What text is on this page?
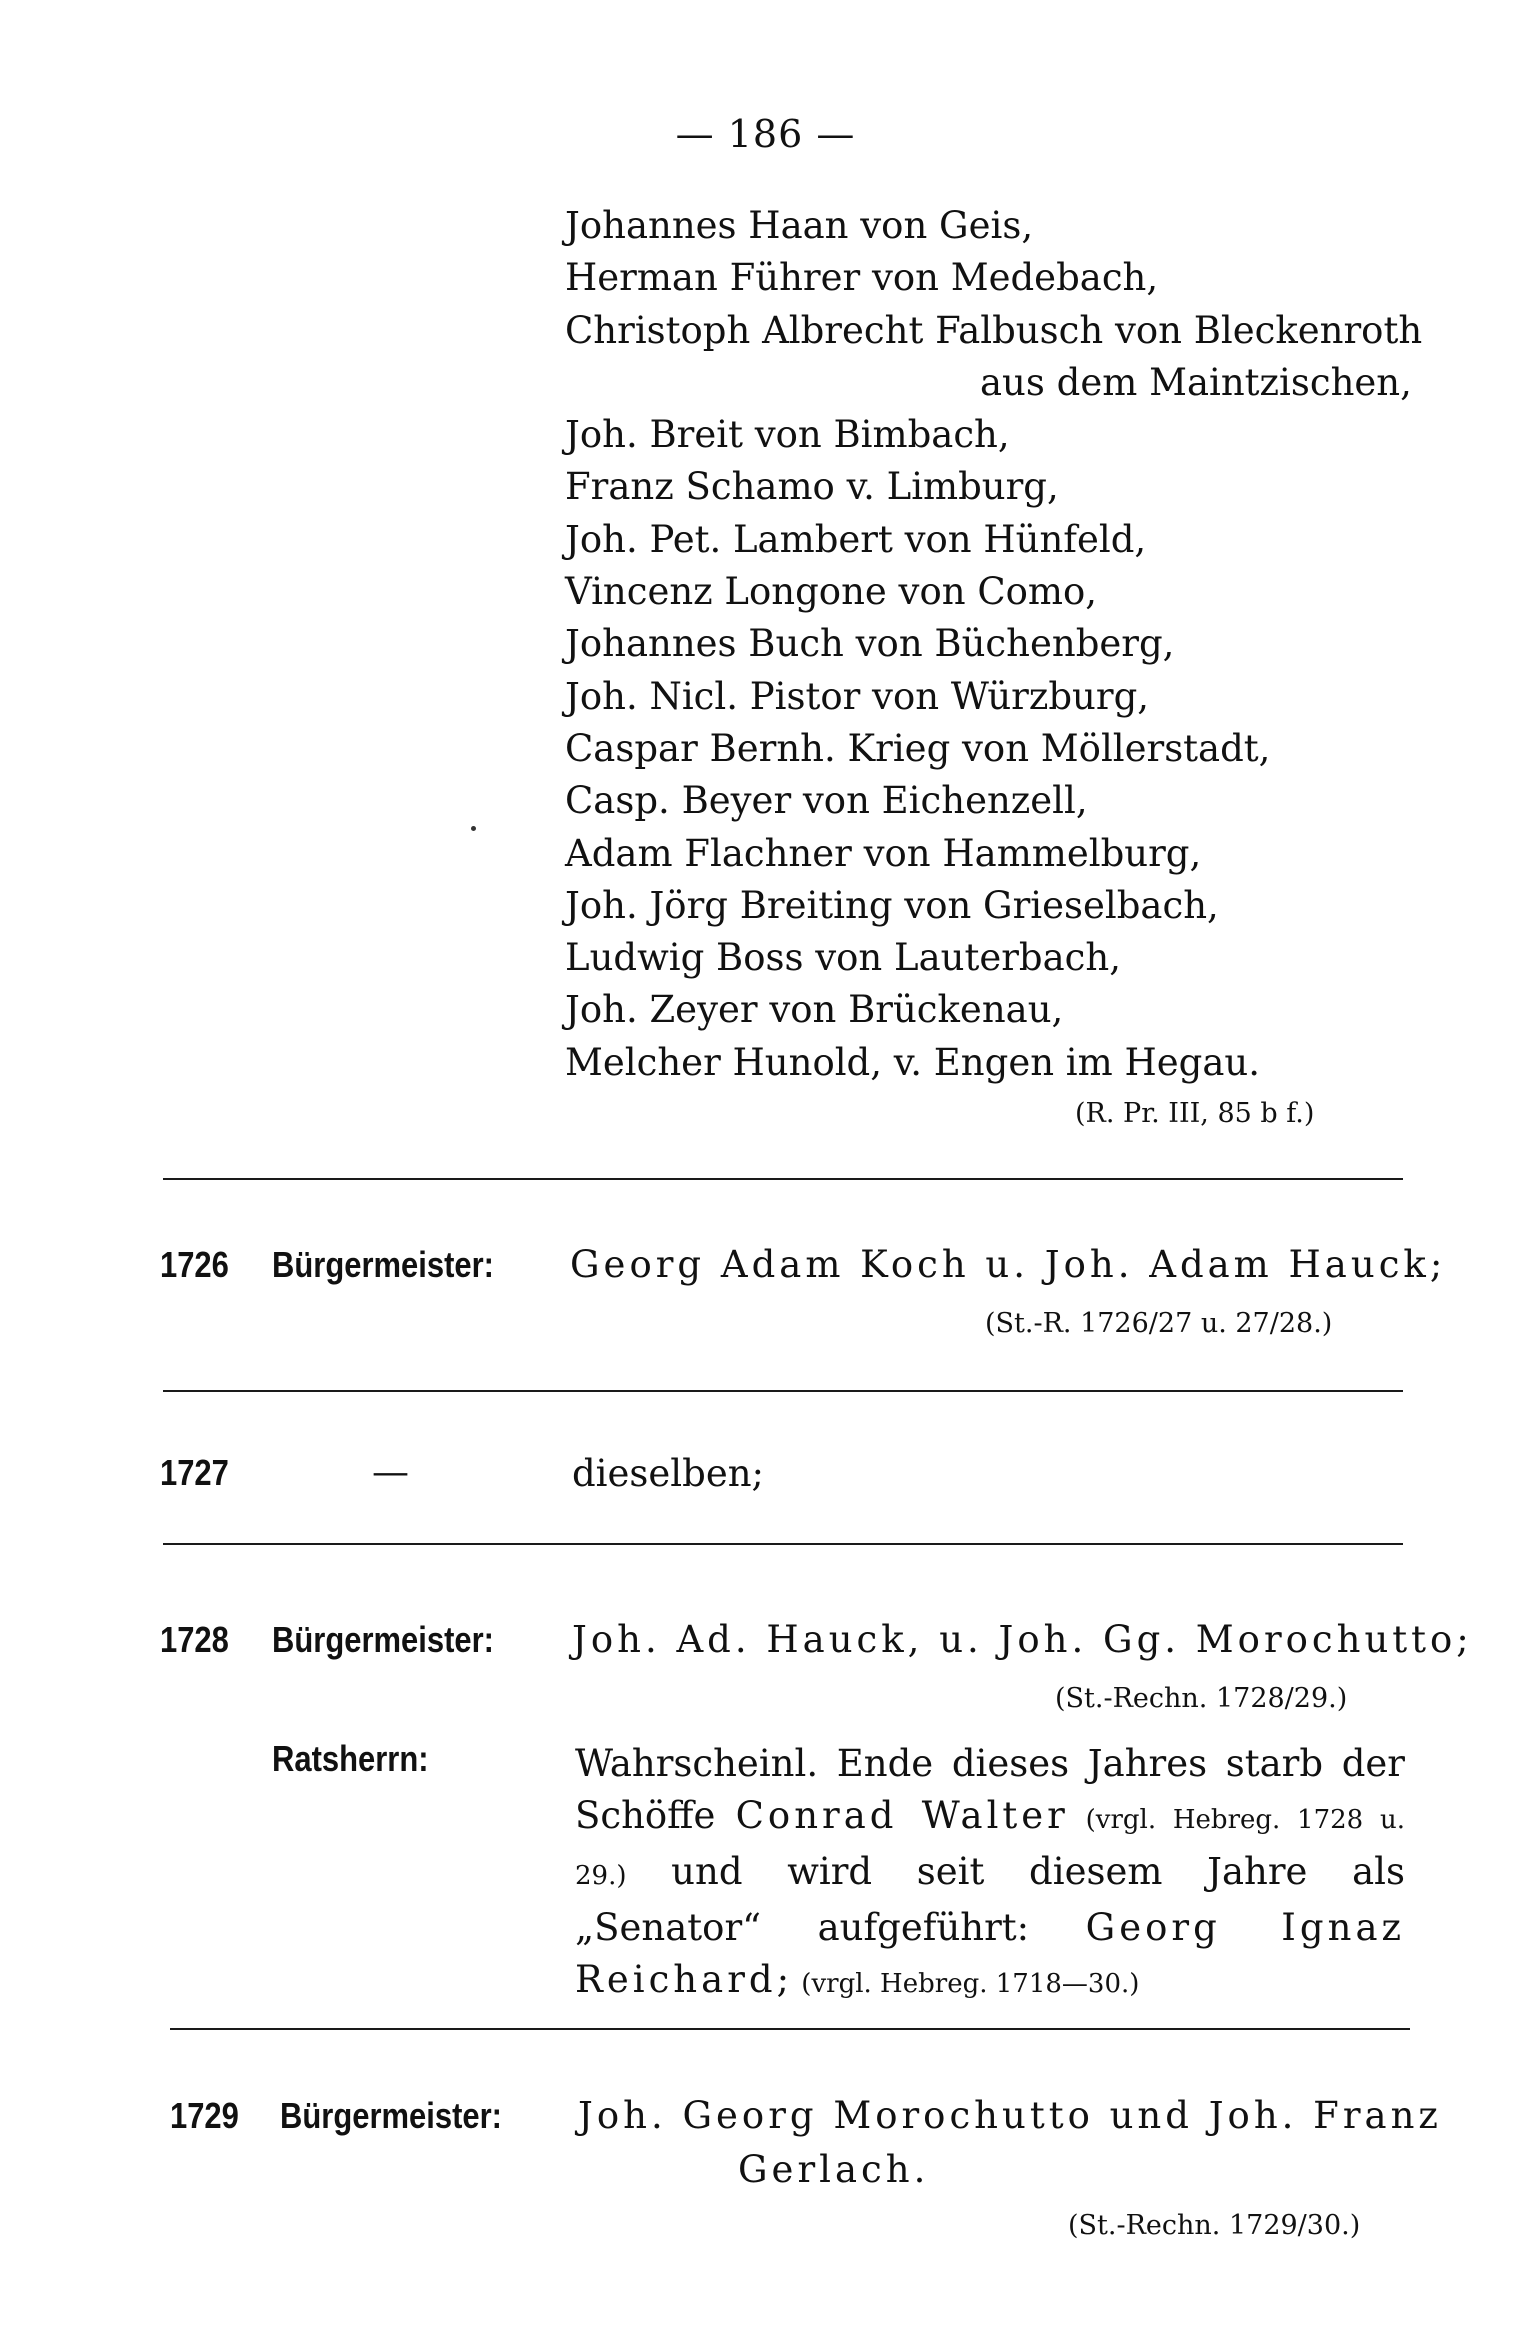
— 186 —
Johannes Haan von Geis,
Herman Führer von Medebach,
Christoph Albrecht Falbusch von Bleckenroth
aus dem Maintzischen,
Joh. Breit von Bimbach,
Franz Schamo v. Limburg,
Joh. Pet. Lambert von Hünfeld,
Vincenz Longone von Como,
Johannes Buch von Büchenberg,
Joh. Nicl. Pistor von Würzburg,
Caspar Bernh. Krieg von Möllerstadt,
Casp. Beyer von Eichenzell,
Adam Flachner von Hammelburg,
Joh. Jörg Breiting von Grieselbach,
Ludwig Boss von Lauterbach,
Joh. Zeyer von Brückenau,
Melcher Hunold, v. Engen im Hegau.
(R. Pr. III, 85 b f.)
1726 Bürgermeister: Georg Adam Koch u. Joh. Adam Hauck;
(St.-R. 1726/27 u. 27/28.)
1727	—	dieselben;
1728 Bürgermeister: Joh. Ad. Hauck, u. Joh. Gg. Morochutto;
(St.-Rechn. 1728/29.)
Ratsherrn:	Wahrscheinl. Ende dieses Jahres starb der Schöffe Conrad Walter (vrgl. Hebreg. 1728 u. 29.) und wird seit diesem Jahre als „Senator“ aufgeführt: Georg Ignaz Reichard; (vrgl. Hebreg. 1718—30.)

1729 Bürgermeister: Joh. Georg Morochutto und Joh. Franz
Gerlach.
(St.-Rechn. 1729/30.)
